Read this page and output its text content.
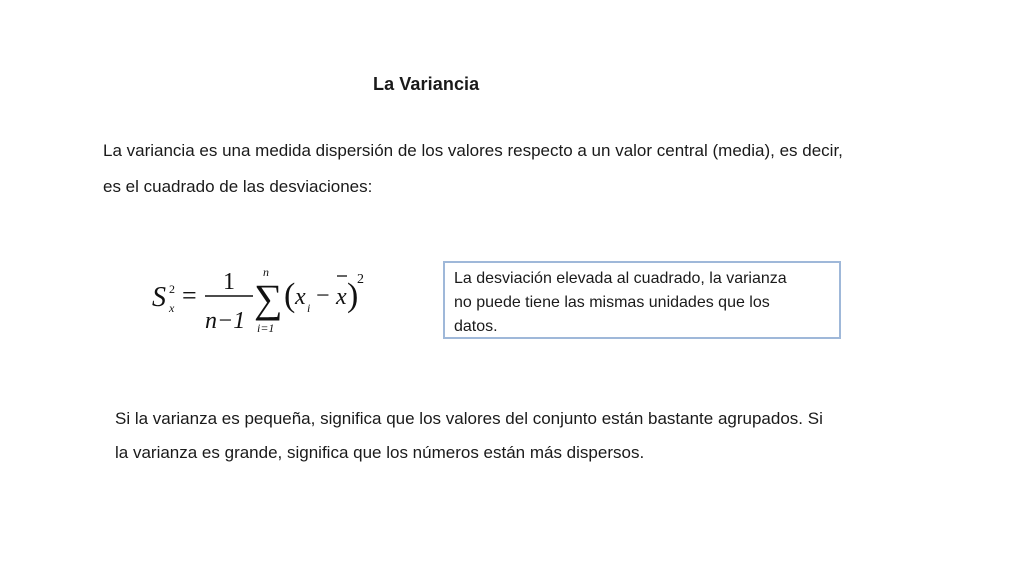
La Variancia

La variancia es una medida dispersión de los valores respecto a un valor central (media), es decir,

es el cuadrado de las desviaciones:

S x
2 = 1
n−1
n
∑
i=1
( x i − x )
2	La desviación elevada al cuadrado, la varianza

no puede tiene las mismas unidades que los

datos.

Si la varianza es pequeña, significa que los valores del conjunto están bastante agrupados. Si

la varianza es grande, significa que los números están más dispersos.
